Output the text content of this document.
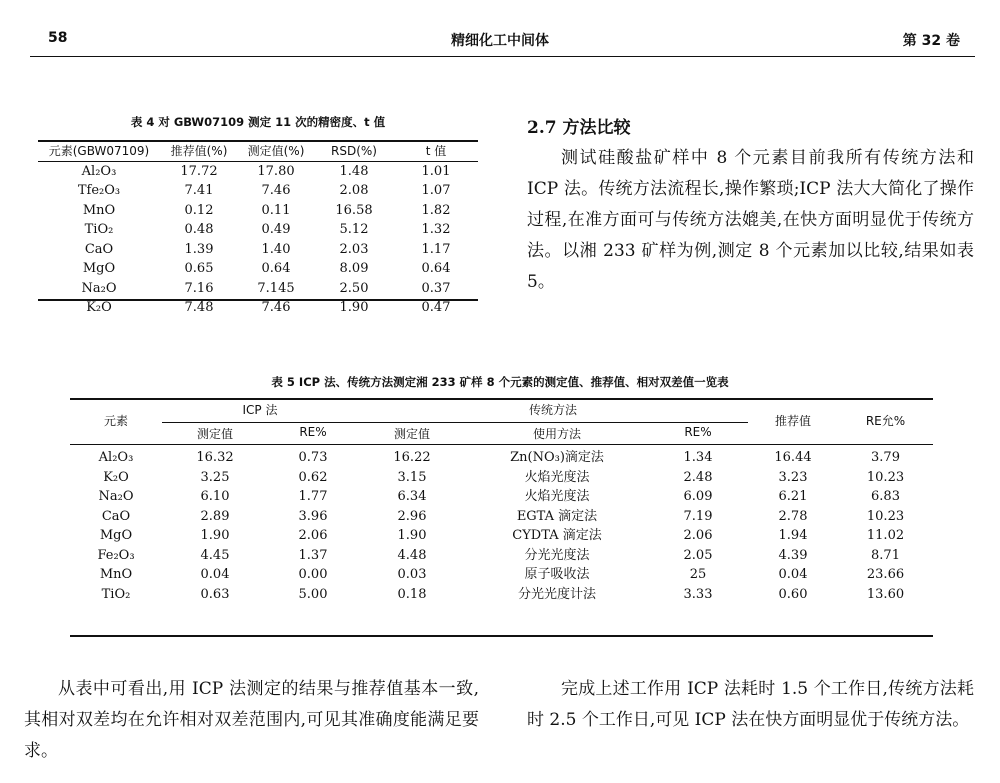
58	精细化工中间体	第 32 卷
表 4 对 GBW07109 测定 11 次的精密度、t 值
元素(GBW07109)	推荐值(%)	测定值(%)	RSD(%)	t 值
Al₂O₃	17.72	17.80	1.48	1.01
Tfe₂O₃	7.41	7.46	2.08	1.07
MnO	0.12	0.11	16.58	1.82
TiO₂	0.48	0.49	5.12	1.32
CaO	1.39	1.40	2.03	1.17
MgO	0.65	0.64	8.09	0.64
Na₂O	7.16	7.145	2.50	0.37
K₂O	7.48	7.46	1.90	0.47
2.7 方法比较

测试硅酸盐矿样中 8 个元素目前我所有传统方法和 ICP 法。传统方法流程长,操作繁琐;ICP 法大大简化了操作过程,在准方面可与传统方法媲美,在快方面明显优于传统方法。以湘 233 矿样为例,测定 8 个元素加以比较,结果如表 5。

表 5 ICP 法、传统方法测定湘 233 矿样 8 个元素的测定值、推荐值、相对双差值一览表
元素
ICP 法	传统方法
推荐值	RE允%
测定值	RE%	测定值	使用方法	RE%
Al₂O₃	16.32	0.73	16.22	Zn(NO₃)滴定法	1.34	16.44	3.79
K₂O	3.25	0.62	3.15	火焰光度法	2.48	3.23	10.23
Na₂O	6.10	1.77	6.34	火焰光度法	6.09	6.21	6.83
CaO	2.89	3.96	2.96	EGTA 滴定法	7.19	2.78	10.23
MgO	1.90	2.06	1.90	CYDTA 滴定法	2.06	1.94	11.02
Fe₂O₃	4.45	1.37	4.48	分光光度法	2.05	4.39	8.71
MnO	0.04	0.00	0.03	原子吸收法	25	0.04	23.66
TiO₂	0.63	5.00	0.18	分光光度计法	3.33	0.60	13.60

从表中可看出,用 ICP 法测定的结果与推荐值基本一致,其相对双差均在允许相对双差范围内,可见其准确度能满足要求。

完成上述工作用 ICP 法耗时 1.5 个工作日,传统方法耗时 2.5 个工作日,可见 ICP 法在快方面明显优于传统方法。
